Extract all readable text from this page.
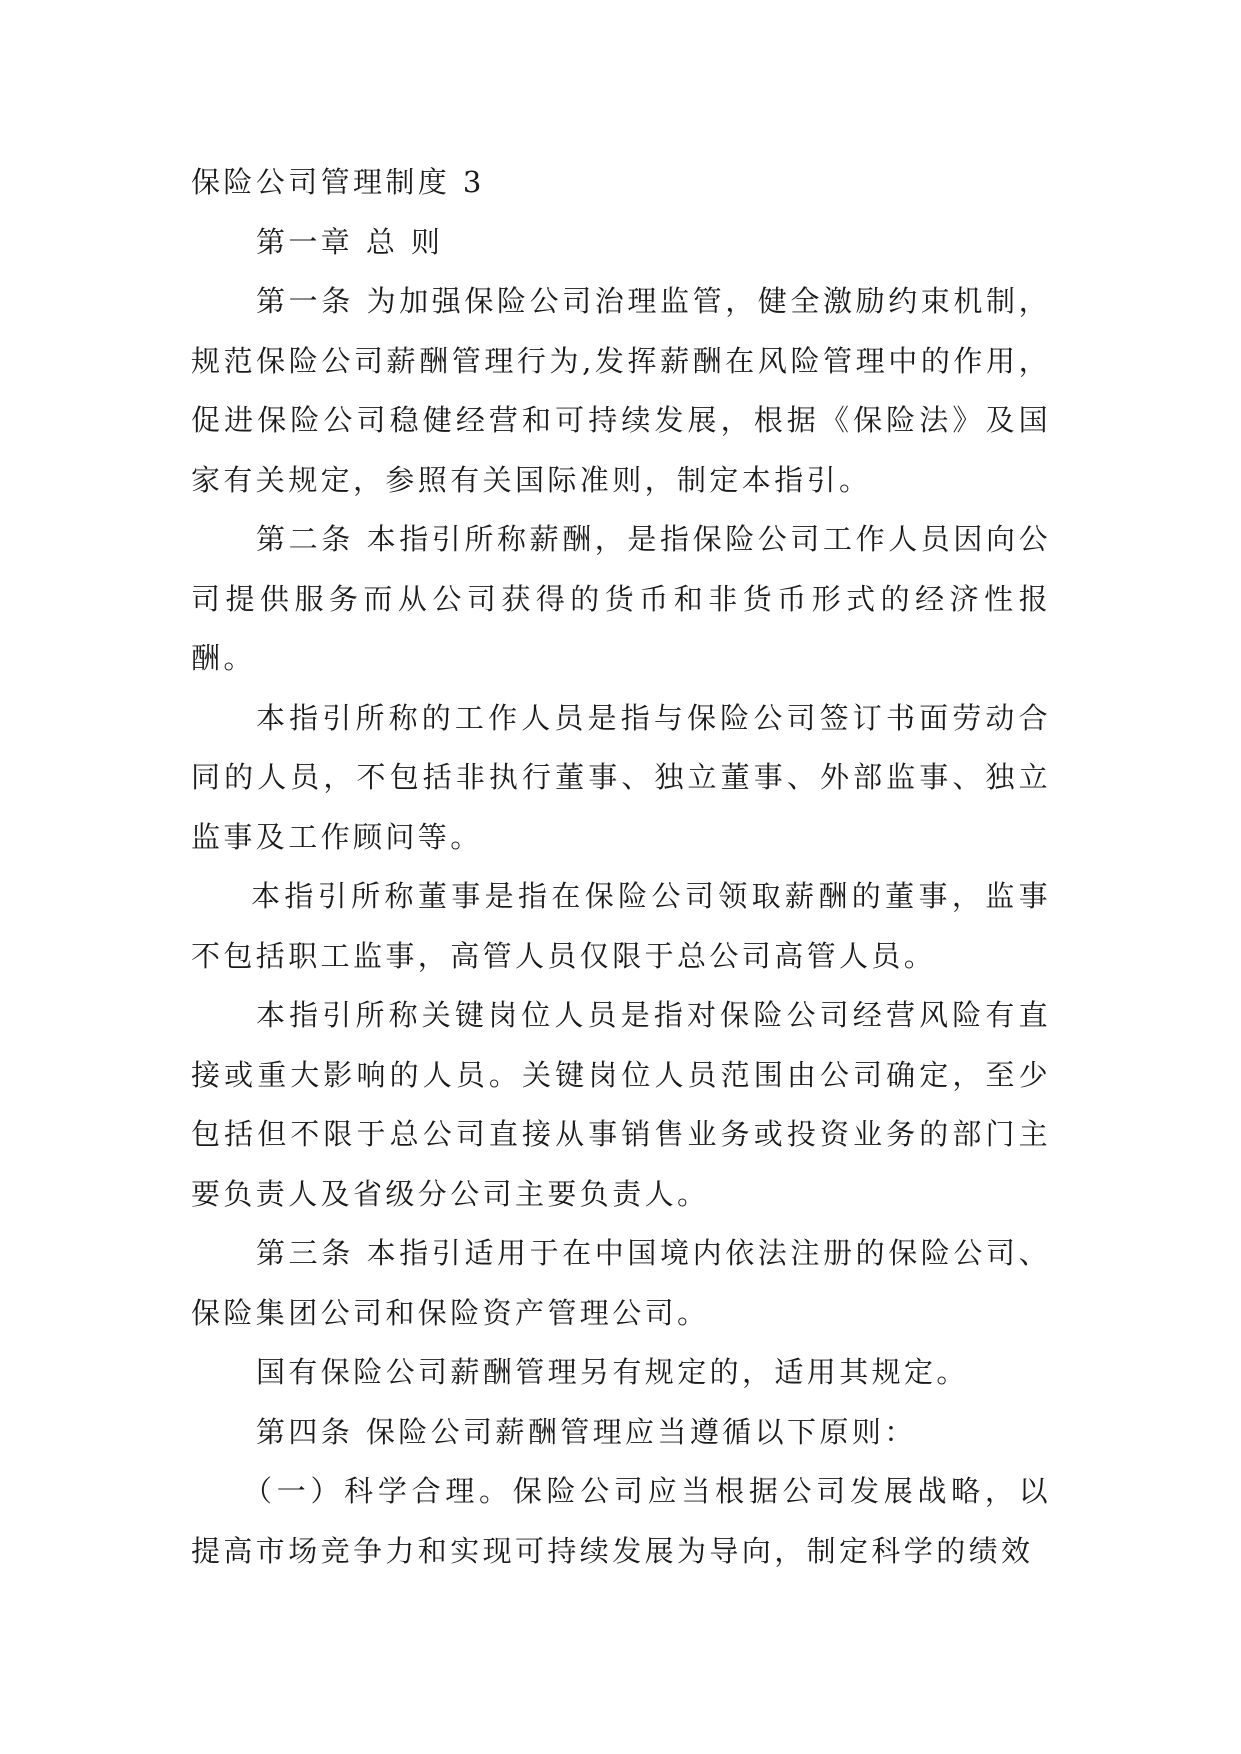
保险公司管理制度 3

第一章 总 则

第一条 为加强保险公司治理监管，健全激励约束机制，规范保险公司薪酬管理行为,发挥薪酬在风险管理中的作用，促进保险公司稳健经营和可持续发展，根据《保险法》及国家有关规定，参照有关国际准则，制定本指引。

第二条 本指引所称薪酬，是指保险公司工作人员因向公司提供服务而从公司获得的货币和非货币形式的经济性报酬。

本指引所称的工作人员是指与保险公司签订书面劳动合同的人员，不包括非执行董事、独立董事、外部监事、独立监事及工作顾问等。

本指引所称董事是指在保险公司领取薪酬的董事，监事不包括职工监事，高管人员仅限于总公司高管人员。

本指引所称关键岗位人员是指对保险公司经营风险有直接或重大影响的人员。关键岗位人员范围由公司确定，至少包括但不限于总公司直接从事销售业务或投资业务的部门主要负责人及省级分公司主要负责人。

第三条 本指引适用于在中国境内依法注册的保险公司、保险集团公司和保险资产管理公司。

国有保险公司薪酬管理另有规定的，适用其规定。

第四条 保险公司薪酬管理应当遵循以下原则：

（一）科学合理。保险公司应当根据公司发展战略，以提高市场竞争力和实现可持续发展为导向，制定科学的绩效
